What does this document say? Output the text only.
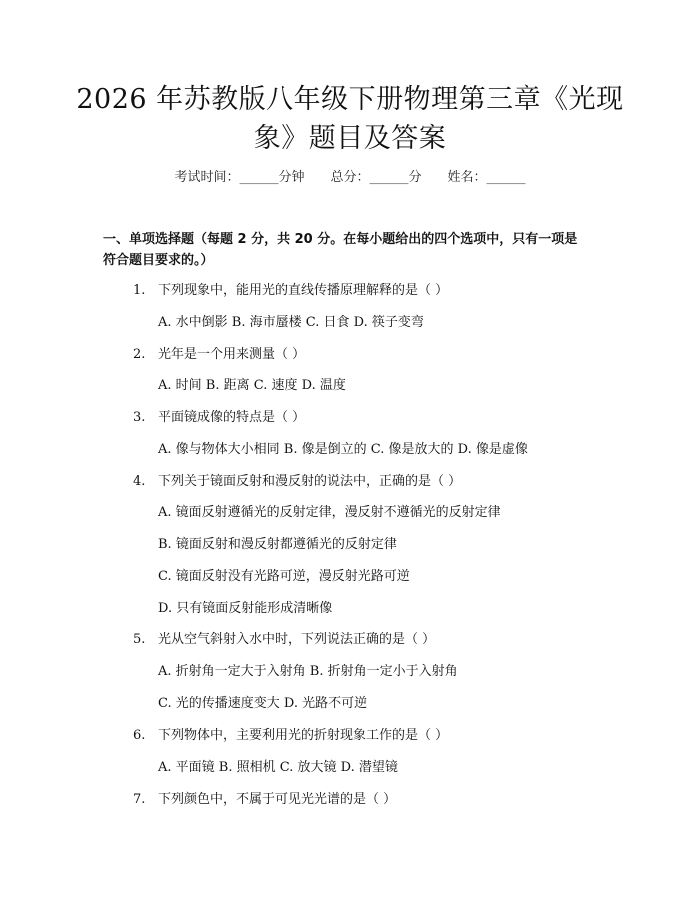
2026 年苏教版八年级下册物理第三章《光现
象》题目及答案
考试时间：______分钟 总分：______分 姓名：______
一、单项选择题（每题 2 分，共 20 分。在每小题给出的四个选项中，只有一项是
符合题目要求的。）
1. 下列现象中，能用光的直线传播原理解释的是（ ）
A. 水中倒影 B. 海市蜃楼 C. 日食 D. 筷子变弯
2. 光年是一个用来测量（ ）
A. 时间 B. 距离 C. 速度 D. 温度
3. 平面镜成像的特点是（ ）
A. 像与物体大小相同 B. 像是倒立的 C. 像是放大的 D. 像是虚像
4. 下列关于镜面反射和漫反射的说法中，正确的是（ ）
A. 镜面反射遵循光的反射定律，漫反射不遵循光的反射定律
B. 镜面反射和漫反射都遵循光的反射定律
C. 镜面反射没有光路可逆，漫反射光路可逆
D. 只有镜面反射能形成清晰像
5. 光从空气斜射入水中时，下列说法正确的是（ ）
A. 折射角一定大于入射角 B. 折射角一定小于入射角
C. 光的传播速度变大 D. 光路不可逆
6. 下列物体中，主要利用光的折射现象工作的是（ ）
A. 平面镜 B. 照相机 C. 放大镜 D. 潜望镜
7. 下列颜色中，不属于可见光光谱的是（ ）
